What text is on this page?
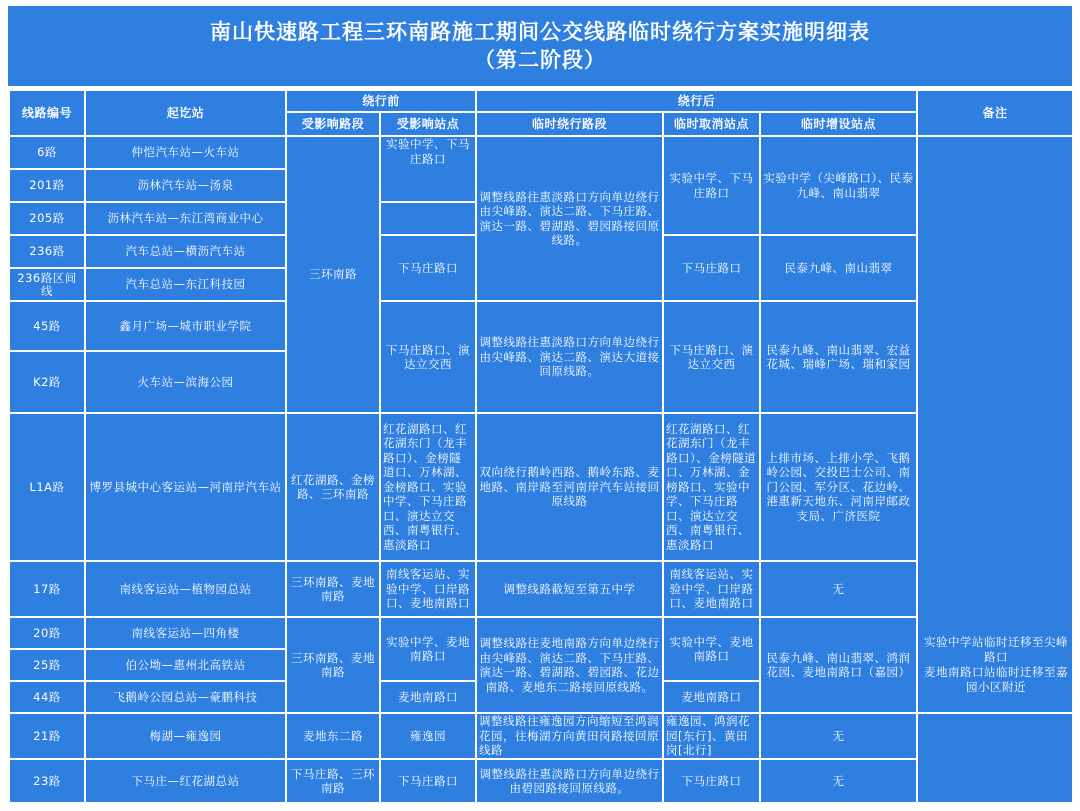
南山快速路工程三环南路施工期间公交线路临时绕行方案实施明细表
（第二阶段）
线路编号	起讫站	绕行前		绕行后			备注
		受影响路段	受影响站点	临时绕行路段	临时取消站点	临时增设站点	
6路	仲恺汽车站—火车站	三环南路	实验中学、下马庄路口	调整线路往惠淡路口方向单边绕行由尖峰路、演达二路、下马庄路、演达一路、碧湖路、碧园路接回原线路。	实验中学、下马庄路口	实验中学（尖峰路口）、民泰九峰、南山翡翠	
201路	沥林汽车站—汤泉						
205路	沥林汽车站—东江湾商业中心						
236路	汽车总站—横沥汽车站		下马庄路口		下马庄路口	民泰九峰、南山翡翠	
236路区间线	汽车总站—东江科技园						
45路	鑫月广场—城市职业学院		下马庄路口、演达立交西	调整线路往惠淡路口方向单边绕行由尖峰路、演达二路、演达大道接回原线路。	下马庄路口、演达立交西	民泰九峰、南山翡翠、宏益花城、瑞峰广场、瑞和家园	
K2路	火车站—滨海公园						
L1A路	博罗县城中心客运站—河南岸汽车站	红花湖路、金榜路、三环南路	红花湖路口、红花湖东门（龙丰路口）、金榜隧道口、万林湖、金榜路口、实验中学、下马庄路口、演达立交西、南粤银行、惠淡路口	双向绕行鹅岭西路、鹅岭东路、麦地路、南岸路至河南岸汽车站接回原线路	红花湖路口、红花湖东门（龙丰路口）、金榜隧道口、万林湖、金榜路口、实验中学、下马庄路口、演达立交西、南粤银行、惠淡路口	上排市场、上排小学、飞鹅岭公园、交投巴士公司、南门公园、军分区、花边岭、港惠新天地东、河南岸邮政支局、广济医院	
17路	南线客运站—植物园总站	三环南路、麦地南路	南线客运站、实验中学、口岸路口、麦地南路口	调整线路截短至第五中学	南线客运站、实验中学、口岸路口、麦地南路口	无	
20路	南线客运站—四角楼	三环南路、麦地南路	实验中学、麦地南路口	调整线路往麦地南路方向单边绕行由尖峰路、演达二路、下马庄路、演达一路、碧湖路、碧园路、花边南路、麦地东二路接回原线路。	实验中学、麦地南路口	民泰九峰、南山翡翠、鸿润花园、麦地南路口（嘉园）	
25路	伯公坳—惠州北高铁站						
44路	飞鹅岭公园总站—豪鹏科技		麦地南路口		麦地南路口		
21路	梅湖—雍逸园	麦地东二路	雍逸园	调整线路往雍逸园方向缩短至鸿润花园，往梅湖方向黄田岗路接回原线路	雍逸园、鸿润花园[东行]、黄田岗[北行]	无	
23路	下马庄—红花湖总站	下马庄路、三环南路	下马庄路口	调整线路往惠淡路口方向单边绕行由碧园路接回原线路。	下马庄路口	无	
实验中学站临时迁移至尖峰路口
麦地南路口站临时迁移至嘉园小区附近
